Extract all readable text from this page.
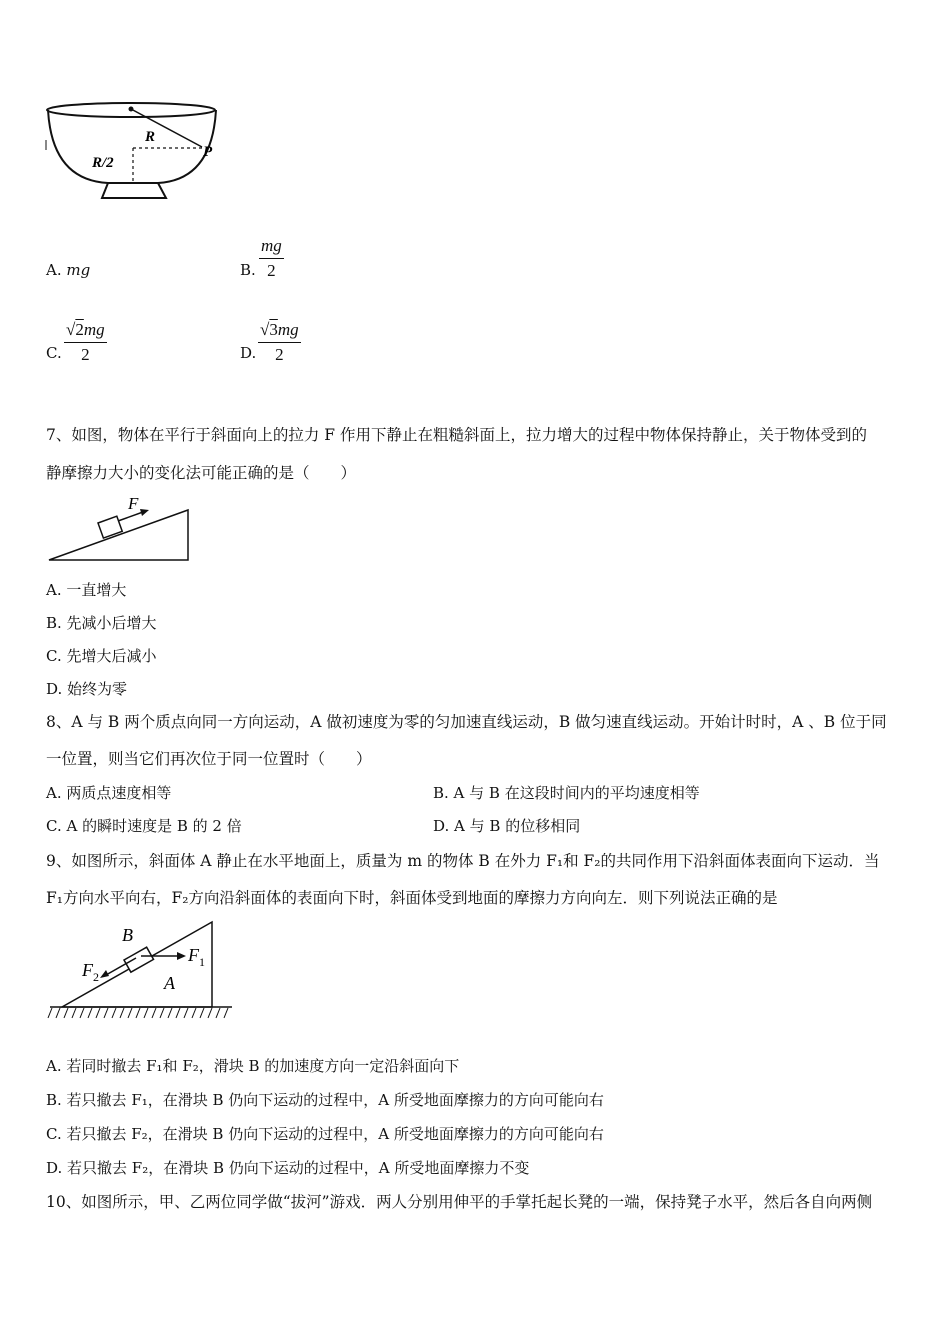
R
R/2
P
A. mg	B. $\frac{mg}{2}$
C. $\frac{√2mg}{2}$	D. $\frac{√3mg}{2}$
7、如图，物体在平行于斜面向上的拉力 F 作用下静止在粗糙斜面上，拉力增大的过程中物体保持静止，关于物体受到的
静摩擦力大小的变化法可能正确的是（　　）
F
A. 一直增大
B. 先减小后增大
C. 先增大后减小
D. 始终为零
8、A 与 B 两个质点向同一方向运动，A 做初速度为零的匀加速直线运动，B 做匀速直线运动。开始计时时，A 、B 位于同
一位置，则当它们再次位于同一位置时（　　）
A. 两质点速度相等	B. A 与 B 在这段时间内的平均速度相等
C. A 的瞬时速度是 B 的 2 倍	D. A 与 B 的位移相同
9、如图所示，斜面体 A 静止在水平地面上，质量为 m 的物体 B 在外力 F₁和 F₂的共同作用下沿斜面体表面向下运动．当
F₁方向水平向右，F₂方向沿斜面体的表面向下时，斜面体受到地面的摩擦力方向向左．则下列说法正确的是
B
$F_1$
$F_2$	A
A. 若同时撤去 F₁和 F₂，滑块 B 的加速度方向一定沿斜面向下
B. 若只撤去 F₁，在滑块 B 仍向下运动的过程中，A 所受地面摩擦力的方向可能向右
C. 若只撤去 F₂，在滑块 B 仍向下运动的过程中，A 所受地面摩擦力的方向可能向右
D. 若只撤去 F₂，在滑块 B 仍向下运动的过程中，A 所受地面摩擦力不变
10、如图所示，甲、乙两位同学做“拔河”游戏．两人分别用伸平的手掌托起长凳的一端，保持凳子水平，然后各自向两侧
